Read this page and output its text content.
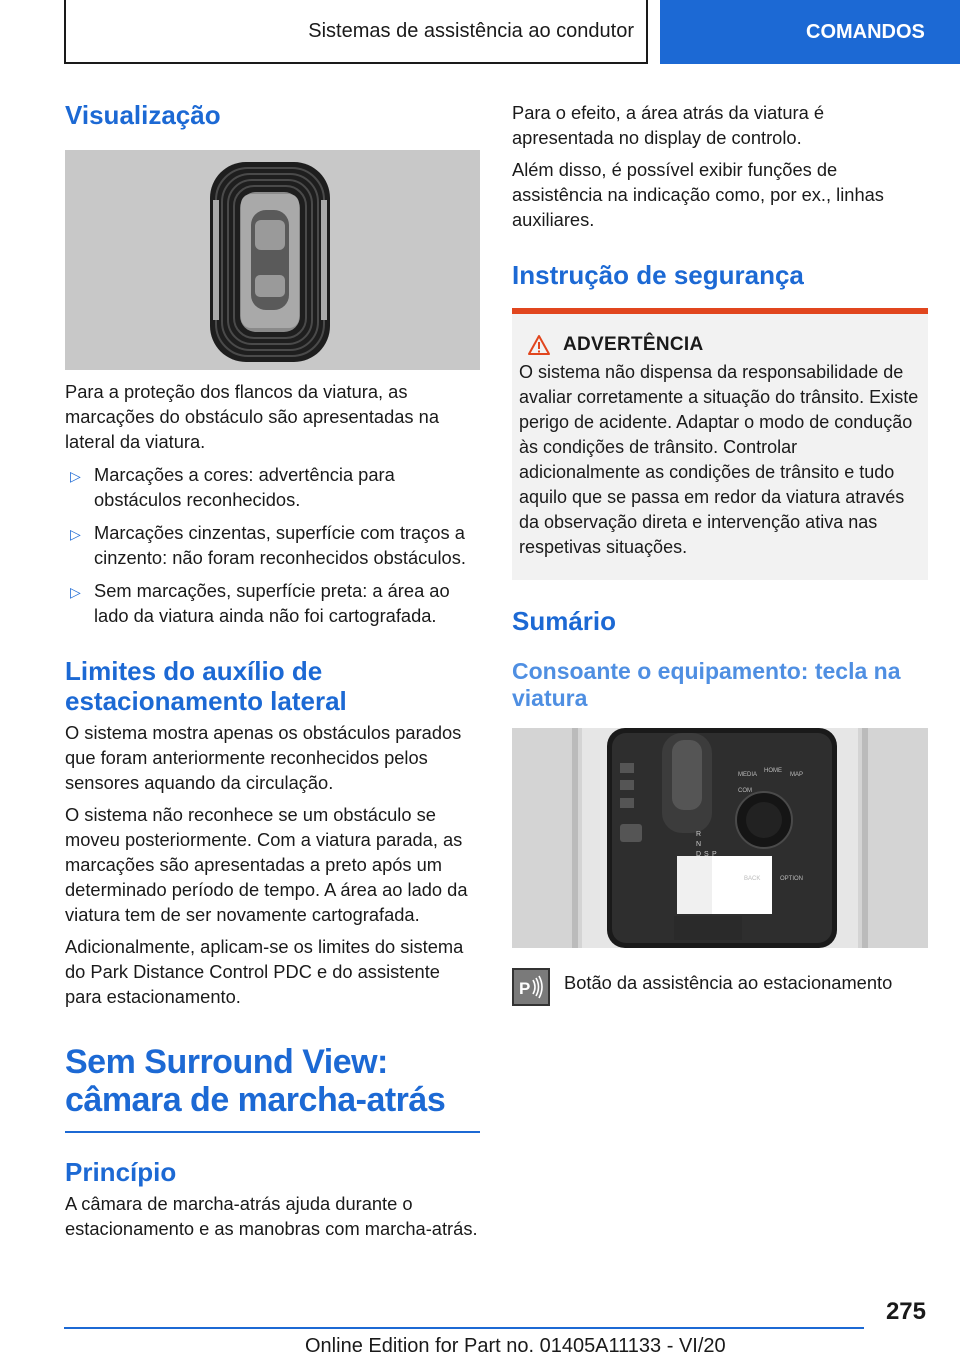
Sistemas de assistência ao condutor	COMANDOS
Visualização

Para a proteção dos flancos da viatura, as marcações do obstáculo são apresentadas na lateral da viatura.

▷ Marcações a cores: advertência para obstáculos reconhecidos.
▷ Marcações cinzentas, superfície com traços a cinzento: não foram reconhecidos obstáculos.
▷ Sem marcações, superfície preta: a área ao lado da viatura ainda não foi cartografada.
Limites do auxílio de estacionamento lateral

O sistema mostra apenas os obstáculos parados que foram anteriormente reconhecidos pelos sensores aquando da circulação.

O sistema não reconhece se um obstáculo se moveu posteriormente. Com a viatura parada, as marcações são apresentadas a preto após um determinado período de tempo. A área ao lado da viatura tem de ser novamente cartografada.

Adicionalmente, aplicam-se os limites do sistema do Park Distance Control PDC e do assistente para estacionamento.

Sem Surround View: câmara de marcha-atrás
Princípio

A câmara de marcha-atrás ajuda durante o estacionamento e as manobras com marcha-atrás.

Para o efeito, a área atrás da viatura é apresentada no display de controlo.

Além disso, é possível exibir funções de assistência na indicação como, por ex., linhas auxiliares.

Instrução de segurança
ADVERTÊNCIA

O sistema não dispensa da responsabilidade de avaliar corretamente a situação do trânsito. Existe perigo de acidente. Adaptar o modo de condução às condições de trânsito. Controlar adicionalmente as condições de trânsito e tudo aquilo que se passa em redor da viatura através da observação direta e intervenção ativa nas respetivas situações.

Sumário
Consoante o equipamento: tecla na viatura
MEDIA
HOME
MAP
COM
BACK	OPTION
R
N
D S P
P Botão da assistência ao estacionamento

275
Online Edition for Part no. 01405A11133 - VI/20
